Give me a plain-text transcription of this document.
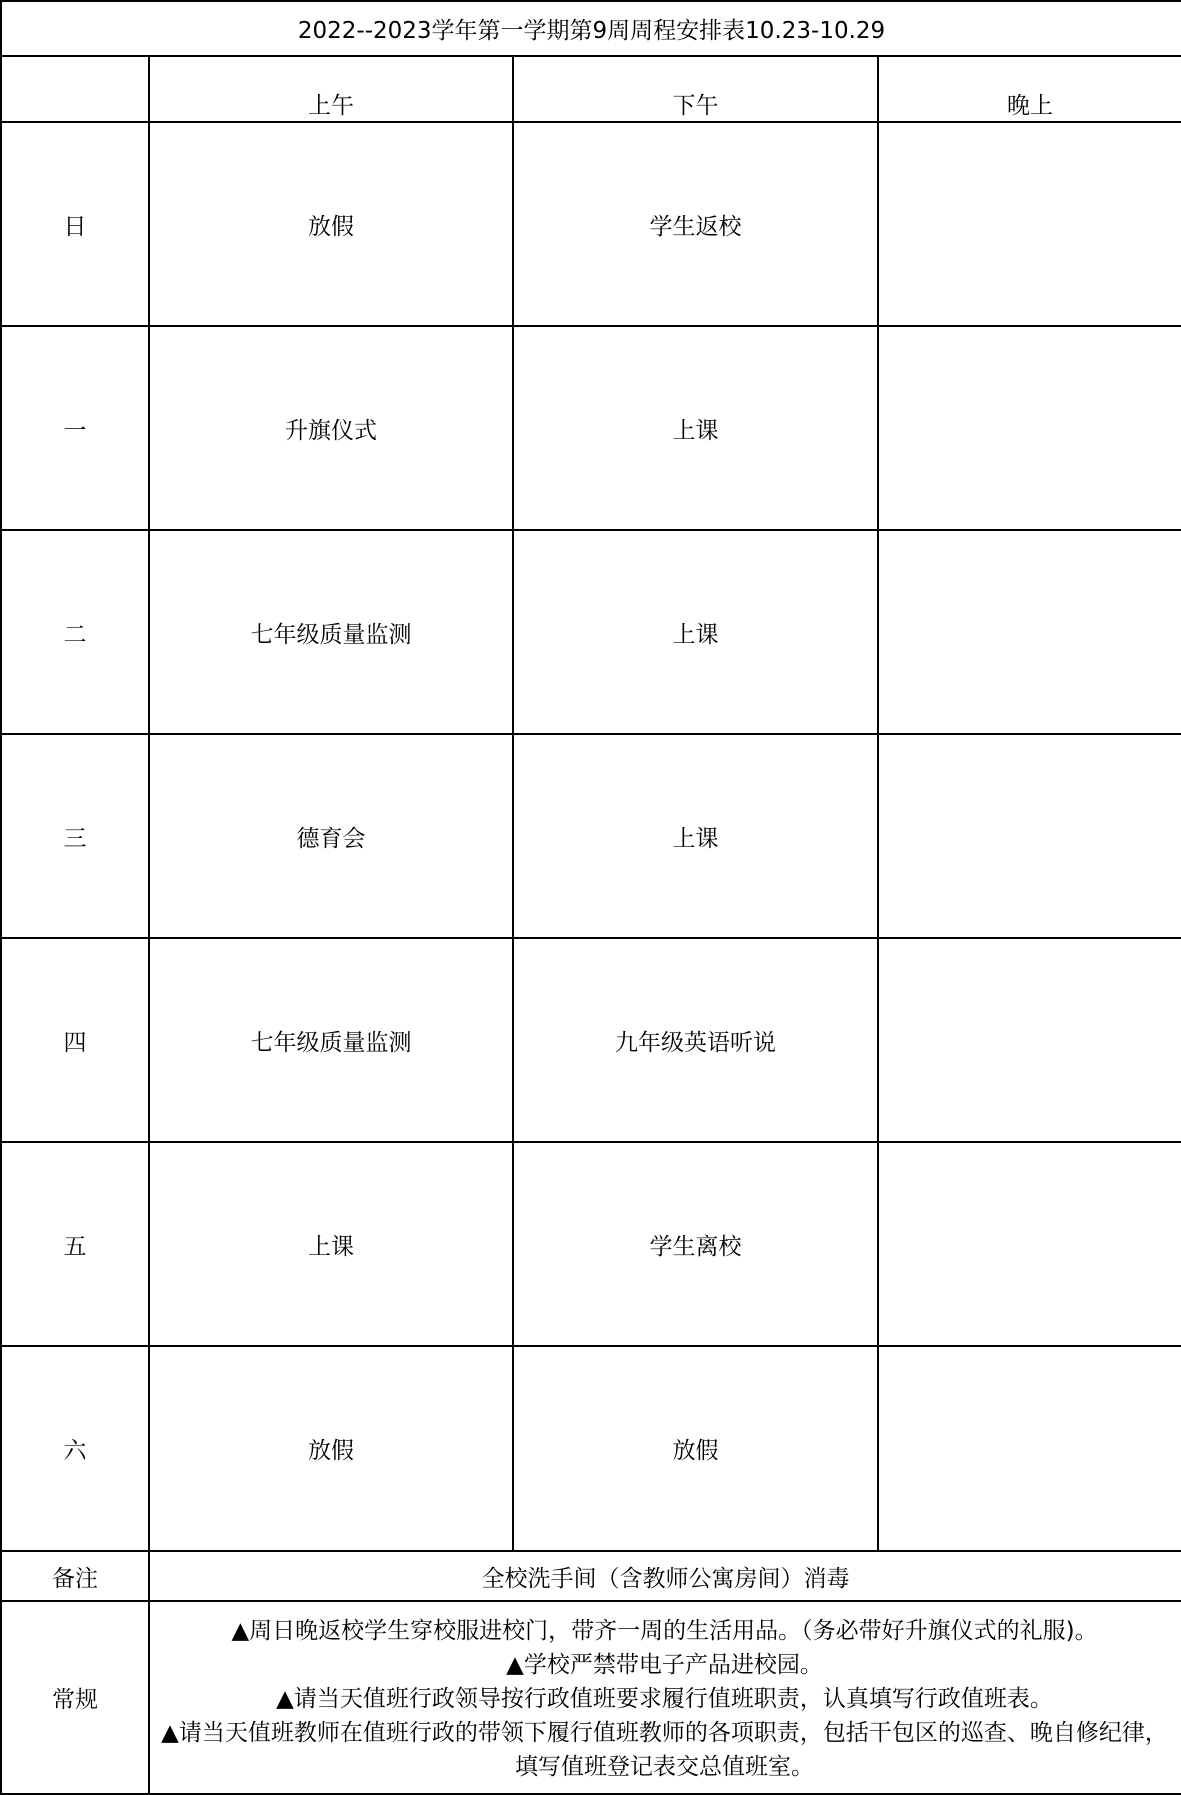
2022--2023学年第一学期第9周周程安排表10.23-10.29			
	上午	下午	晚上
日	放假	学生返校	
一	升旗仪式	上课	
二	七年级质量监测	上课	
三	德育会	上课	
四	七年级质量监测	九年级英语听说	
五	上课	学生离校	
六	放假	放假	
备注	全校洗手间（含教师公寓房间）消毒		
常规	▲周日晚返校学生穿校服进校门，带齐一周的生活用品。（务必带好升旗仪式的礼服)。
▲学校严禁带电子产品进校园。
▲请当天值班行政领导按行政值班要求履行值班职责，认真填写行政值班表。
▲请当天值班教师在值班行政的带领下履行值班教师的各项职责，包括干包区的巡查、晚自修纪律，填写值班登记表交总值班室。		
